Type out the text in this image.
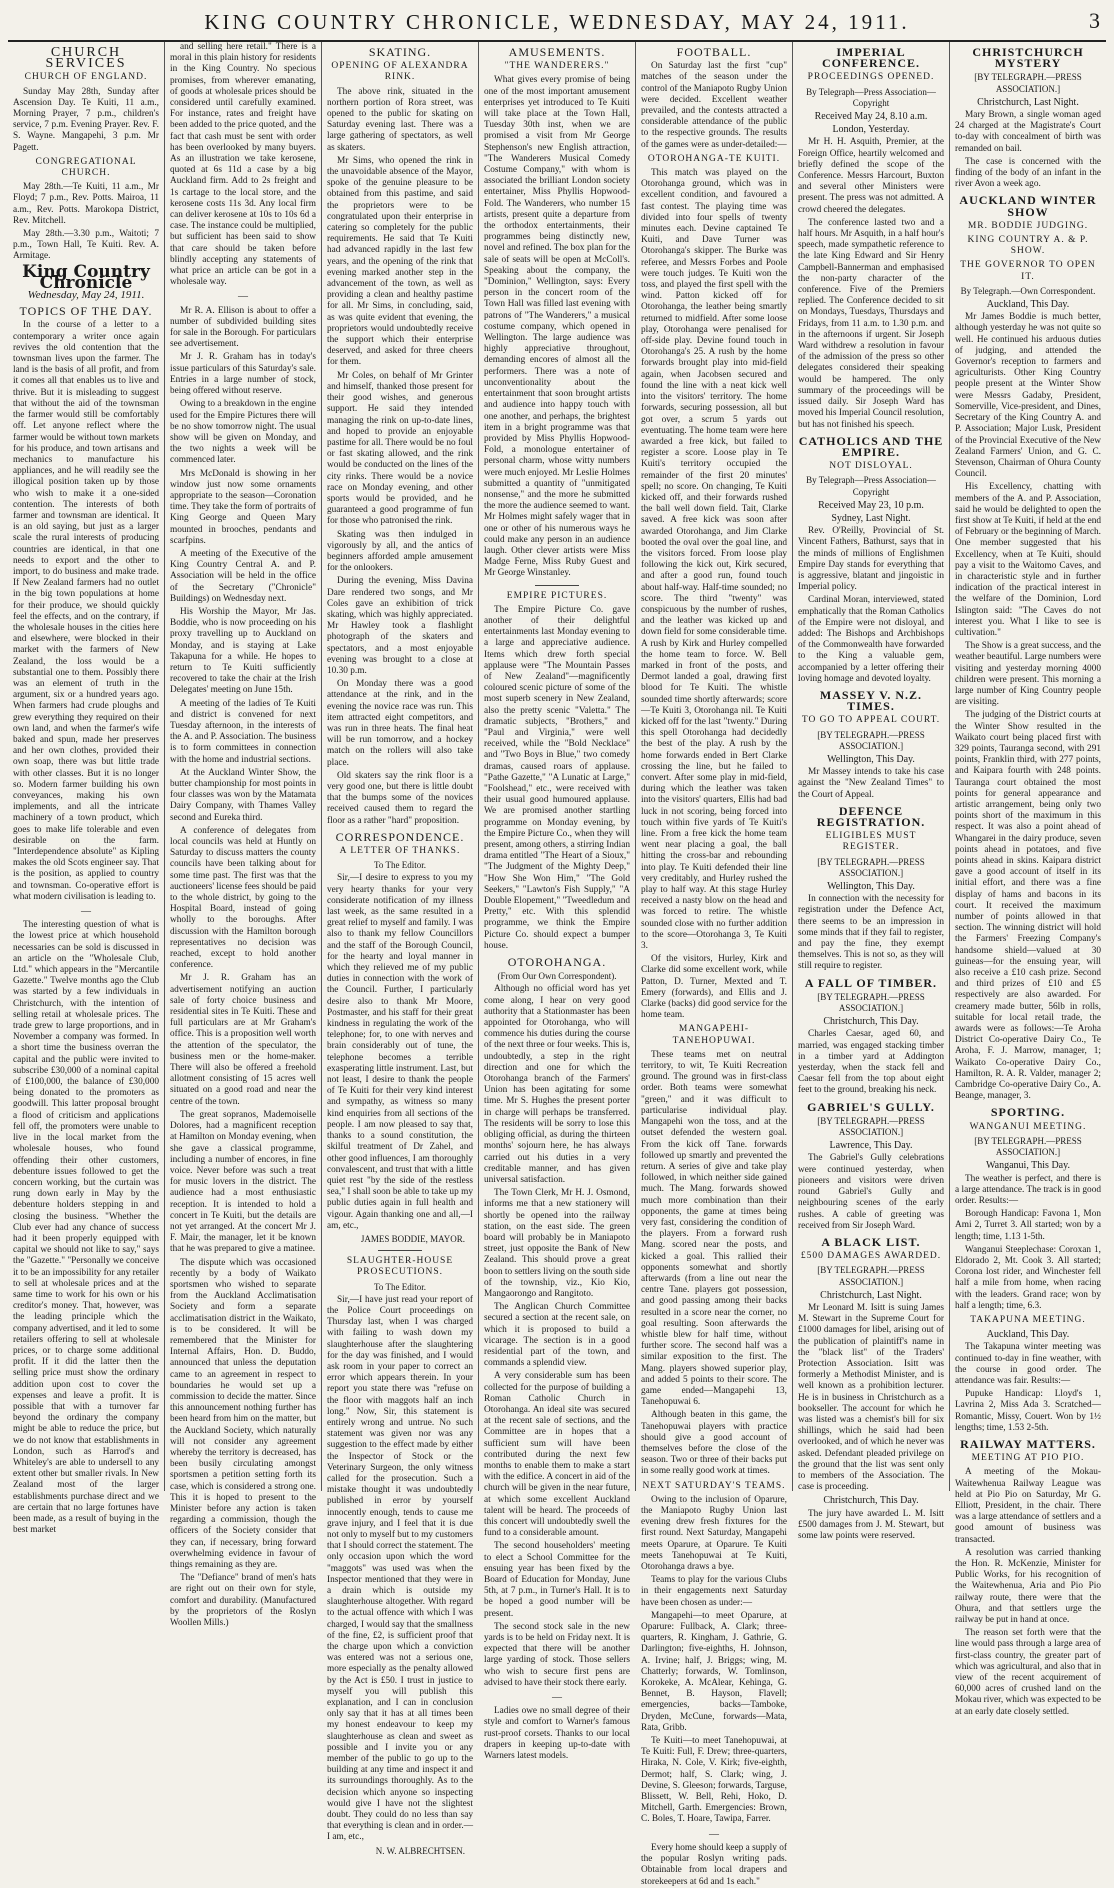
KING COUNTRY CHRONICLE, WEDNESDAY, MAY 24, 1911.	3
CHURCH SERVICES
CHURCH OF ENGLAND.

Sunday May 28th, Sunday after Ascension Day. Te Kuiti, 11 a.m., Morning Prayer, 7 p.m., children's service, 7 p.m. Evening Prayer. Rev. F. S. Wayne. Mangapehi, 3 p.m. Mr Pagett.

CONGREGATIONAL CHURCH.

May 28th.—Te Kuiti, 11 a.m., Mr Floyd; 7 p.m., Rev. Potts. Mairoa, 11 a.m., Rev. Potts. Marokopa District, Rev. Mitchell.

May 28th.—3.30 p.m., Waitoti; 7 p.m., Town Hall, Te Kuiti. Rev. A. Armitage.

King Country Chronicle
Wednesday, May 24, 1911.
TOPICS OF THE DAY.

In the course of a letter to a contemporary a writer once again revives the old contention that the townsman lives upon the farmer. The land is the basis of all profit, and from it comes all that enables us to live and thrive. But it is misleading to suggest that without the aid of the townsman the farmer would still be comfortably off. Let anyone reflect where the farmer would be without town markets for his produce, and town artisans and mechanics to manufacture his appliances, and he will readily see the illogical position taken up by those who wish to make it a one-sided contention. The interests of both farmer and townsman are identical. It is an old saying, but just as a larger scale the rural interests of producing countries are identical, in that one needs to export and the other to import, to do business and make trade. If New Zealand farmers had no outlet in the big town populations at home for their produce, we should quickly feel the effects, and on the contrary, if the wholesale houses in the cities here and elsewhere, were blocked in their market with the farmers of New Zealand, the loss would be a substantial one to them. Possibly there was an element of truth in the argument, six or a hundred years ago. When farmers had crude ploughs and grew everything they required on their own land, and when the farmer's wife baked and spun, made her preserves and her own clothes, provided their own soap, there was but little trade with other classes. But it is no longer so. Modern farmer building his own conveyances, making his own implements, and all the intricate machinery of a town product, which goes to make life tolerable and even desirable on the farm. "Interdependence absolute" as Kipling makes the old Scots engineer say. That is the position, as applied to country and townsman. Co-operative effort is what modern civilisation is leading to.

—

The interesting question of what is the lowest price at which household necessaries can be sold is discussed in an article on the "Wholesale Club, Ltd." which appears in the "Mercantile Gazette." Twelve months ago the Club was started by a few individuals in Christchurch, with the intention of selling retail at wholesale prices. The trade grew to large proportions, and in November a company was formed. In a short time the business overran the capital and the public were invited to subscribe £30,000 of a nominal capital of £100,000, the balance of £30,000 being donated to the promoters as goodwill. This latter proposal brought a flood of criticism and applications fell off, the promoters were unable to live in the local market from the wholesale houses, who found offending their other customers, debenture issues followed to get the concern working, but the curtain was rung down early in May by the debenture holders stepping in and closing the business. "Whether the Club ever had any chance of success had it been properly equipped with capital we should not like to say," says the "Gazette." "Personally we conceive it to be an impossibility for any retailer to sell at wholesale prices and at the same time to work for his own or his creditor's money. That, however, was the leading principle which the company advertised, and it led to some retailers offering to sell at wholesale prices, or to charge some additional profit. If it did the latter then the selling price must show the ordinary addition upon cost to cover the expenses and leave a profit. It is possible that with a turnover far beyond the ordinary the company might be able to reduce the price, but we do not know that establishments in London, such as Harrod's and Whiteley's are able to undersell to any extent other but smaller rivals. In New Zealand most of the larger establishments purchase direct and we are certain that no large fortunes have been made, as a result of buying in the best market

and selling here retail." There is a moral in this plain history for residents in the King Country. No specious promises, from wherever emanating, of goods at wholesale prices should be considered until carefully examined. For instance, rates and freight have been added to the price quoted, and the fact that cash must be sent with order has been overlooked by many buyers. As an illustration we take kerosene, quoted at 6s 11d a case by a big Auckland firm. Add to 2s freight and 1s cartage to the local store, and the kerosene costs 11s 3d. Any local firm can deliver kerosene at 10s to 10s 6d a case. The instance could be multiplied, but sufficient has been said to show that care should be taken before blindly accepting any statements of what price an article can be got in a wholesale way.

—

Mr R. A. Ellison is about to offer a number of subdivided building sites for sale in the Borough. For particulars see advertisement.

Mr J. R. Graham has in today's issue particulars of this Saturday's sale. Entries in a large number of stock, being offered without reserve.

Owing to a breakdown in the engine used for the Empire Pictures there will be no show tomorrow night. The usual show will be given on Monday, and the two nights a week will be commenced later.

Mrs McDonald is showing in her window just now some ornaments appropriate to the season—Coronation time. They take the form of portraits of King George and Queen Mary mounted in brooches, pendants and scarfpins.

A meeting of the Executive of the King Country Central A. and P. Association will be held in the office of the Secretary ("Chronicle" Buildings) on Wednesday next.

His Worship the Mayor, Mr Jas. Boddie, who is now proceeding on his proxy travelling up to Auckland on Monday, and is staying at Lake Takapuna for a while. He hopes to return to Te Kuiti sufficiently recovered to take the chair at the Irish Delegates' meeting on June 15th.

A meeting of the ladies of Te Kuiti and district is convened for next Tuesday afternoon, in the interests of the A. and P. Association. The business is to form committees in connection with the home and industrial sections.

At the Auckland Winter Show, the butter championship for most points in four classes was won by the Matamata Dairy Company, with Thames Valley second and Eureka third.

A conference of delegates from local councils was held at Huntly on Saturday to discuss matters the county councils have been talking about for some time past. The first was that the auctioneers' license fees should be paid to the whole district, by going to the Hospital Board, instead of going wholly to the boroughs. After discussion with the Hamilton borough representatives no decision was reached, except to hold another conference.

Mr J. R. Graham has an advertisement notifying an auction sale of forty choice business and residential sites in Te Kuiti. These and full particulars are at Mr Graham's office. This is a proposition well worth the attention of the speculator, the business men or the home-maker. There will also be offered a freehold allotment consisting of 15 acres well situated on a good road and near the centre of the town.

The great sopranos, Mademoiselle Dolores, had a magnificent reception at Hamilton on Monday evening, when she gave a classical programme, including a number of encores, in fine voice. Never before was such a treat for music lovers in the district. The audience had a most enthusiastic reception. It is intended to hold a concert in Te Kuiti, but the details are not yet arranged. At the concert Mr J. F. Mair, the manager, let it be known that he was prepared to give a matinee.

The dispute which was occasioned recently by a body of Waikato sportsmen who wished to separate from the Auckland Acclimatisation Society and form a separate acclimatisation district in the Waikato, is to be considered. It will be remembered that the Minister for Internal Affairs, Hon. D. Buddo, announced that unless the deputation came to an agreement in respect to boundaries he would set up a commission to decide the matter. Since this announcement nothing further has been heard from him on the matter, but the Auckland Society, which naturally will not consider any agreement whereby the territory is decreased, has been busily circulating amongst sportsmen a petition setting forth its case, which is considered a strong one. This it is hoped to present to the Minister before any action is taken regarding a commission, though the officers of the Society consider that they can, if necessary, bring forward overwhelming evidence in favour of things remaining as they are.

The "Defiance" brand of men's hats are right out on their own for style, comfort and durability. (Manufactured by the proprietors of the Roslyn Woollen Mills.)

SKATING.
OPENING OF ALEXANDRA RINK.

The above rink, situated in the northern portion of Rora street, was opened to the public for skating on Saturday evening last. There was a large gathering of spectators, as well as skaters.

Mr Sims, who opened the rink in the unavoidable absence of the Mayor, spoke of the genuine pleasure to be obtained from this pastime, and said the proprietors were to be congratulated upon their enterprise in catering so completely for the public requirements. He said that Te Kuiti had advanced rapidly in the last few years, and the opening of the rink that evening marked another step in the advancement of the town, as well as providing a clean and healthy pastime for all. Mr Sims, in concluding, said, as was quite evident that evening, the proprietors would undoubtedly receive the support which their enterprise deserved, and asked for three cheers for them.

Mr Coles, on behalf of Mr Grinter and himself, thanked those present for their good wishes, and generous support. He said they intended managing the rink on up-to-date lines, and hoped to provide an enjoyable pastime for all. There would be no foul or fast skating allowed, and the rink would be conducted on the lines of the city rinks. There would be a novice race on Monday evening, and other sports would be provided, and he guaranteed a good programme of fun for those who patronised the rink.

Skating was then indulged in vigorously by all, and the antics of beginners afforded ample amusement for the onlookers.

During the evening, Miss Davina Dare rendered two songs, and Mr Coles gave an exhibition of trick skating, which was highly appreciated. Mr Hawley took a flashlight photograph of the skaters and spectators, and a most enjoyable evening was brought to a close at 10.30 p.m.

On Monday there was a good attendance at the rink, and in the evening the novice race was run. This item attracted eight competitors, and was run in three heats. The final heat will be run tomorrow, and a hockey match on the rollers will also take place.

Old skaters say the rink floor is a very good one, but there is little doubt that the bumps some of the novices received caused them to regard the floor as a rather "hard" proposition.

CORRESPONDENCE.
A LETTER OF THANKS.
To The Editor.

Sir,—I desire to express to you my very hearty thanks for your very considerate notification of my illness last week, as the same resulted in a great relief to myself and family. I was also to thank my fellow Councillors and the staff of the Borough Council, for the hearty and loyal manner in which they relieved me of my public duties in connection with the work of the Council. Further, I particularly desire also to thank Mr Moore, Postmaster, and his staff for their great kindness in regulating the work of the telephone; for, to one with nerves and brain considerably out of tune, the telephone becomes a terrible exasperating little instrument. Last, but not least, I desire to thank the people of Te Kuiti for their very kind interest and sympathy, as witness so many kind enquiries from all sections of the people. I am now pleased to say that, thanks to a sound constitution, the skilful treatment of Dr Zahel, and other good influences, I am thoroughly convalescent, and trust that with a little quiet rest "by the side of the restless sea," I shall soon be able to take up my public duties again in full health and vigour. Again thanking one and all,—I am, etc.,

JAMES BODDIE, MAYOR.
SLAUGHTER-HOUSE PROSECUTIONS.
To The Editor.

Sir,—I have just read your report of the Police Court proceedings on Thursday last, when I was charged with failing to wash down my slaughterhouse after the slaughtering for the day was finished, and I would ask room in your paper to correct an error which appears therein. In your report you state there was "refuse on the floor with maggots half an inch long." Now, Sir, this statement is entirely wrong and untrue. No such statement was given nor was any suggestion to the effect made by either the Inspector of Stock or the Veterinary Surgeon, the only witness called for the prosecution. Such a mistake thought it was undoubtedly published in error by yourself innocently enough, tends to cause me grave injury, and I feel that it is due not only to myself but to my customers that I should correct the statement. The only occasion upon which the word "maggots" was used was when the Inspector mentioned that they were in a drain which is outside my slaughterhouse altogether. With regard to the actual offence with which I was charged, I would say that the smallness of the fine, £2, is sufficient proof that the charge upon which a conviction was entered was not a serious one, more especially as the penalty allowed by the Act is £50. I trust in justice to myself you will publish this explanation, and I can in conclusion only say that it has at all times been my honest endeavour to keep my slaughterhouse as clean and sweet as possible and I invite you or any member of the public to go up to the building at any time and inspect it and its surroundings thoroughly. As to the decision which anyone so inspecting would give I have not the slightest doubt. They could do no less than say that everything is clean and in order.—I am, etc.,

N. W. ALBRECHTSEN.
AMUSEMENTS.
"THE WANDERERS."

What gives every promise of being one of the most important amusement enterprises yet introduced to Te Kuiti will take place at the Town Hall, Tuesday 30th inst, when we are promised a visit from Mr George Stephenson's new English attraction, "The Wanderers Musical Comedy Costume Company," with whom is associated the brilliant London society entertainer, Miss Phyllis Hopwood-Fold. The Wanderers, who number 15 artists, present quite a departure from the orthodox entertainments, their programmes being distinctly new, novel and refined. The box plan for the sale of seats will be open at McColl's. Speaking about the company, the "Dominion," Wellington, says: Every person in the concert room of the Town Hall was filled last evening with patrons of "The Wanderers," a musical costume company, which opened in Wellington. The large audience was highly appreciative throughout, demanding encores of almost all the performers. There was a note of unconventionality about the entertainment that soon brought artists and audience into happy touch with one another, and perhaps, the brightest item in a bright programme was that provided by Miss Phyllis Hopwood-Fold, a monologue entertainer of personal charm, whose witty numbers were much enjoyed. Mr Leslie Holmes submitted a quantity of "unmitigated nonsense," and the more he submitted the more the audience seemed to want. Mr Holmes might safely wager that in one or other of his numerous ways he could make any person in an audience laugh. Other clever artists were Miss Madge Ferne, Miss Ruby Guest and Mr George Winstanley.

EMPIRE PICTURES.

The Empire Picture Co. gave another of their delightful entertainments last Monday evening to a large and appreciative audience. Items which drew forth special applause were "The Mountain Passes of New Zealand"—magnificently coloured scenic picture of some of the most superb scenery in New Zealand, also the pretty scenic "Valetta." The dramatic subjects, "Brothers," and "Paul and Virginia," were well received, while the "Bold Necklace" and "Two Boys in Blue," two comedy dramas, caused roars of applause. "Pathe Gazette," "A Lunatic at Large," "Foolshead," etc., were received with their usual good humoured applause. We are promised another startling programme on Monday evening, by the Empire Picture Co., when they will present, among others, a stirring Indian drama entitled "The Heart of a Sioux," "The Judgment of the Mighty Deep," "How She Won Him," "The Gold Seekers," "Lawton's Fish Supply," "A Double Elopement," "Tweedledum and Pretty," etc. With this splendid programme, we think the Empire Picture Co. should expect a bumper house.

OTOROHANGA.
(From Our Own Correspondent).

Although no official word has yet come along, I hear on very good authority that a Stationmaster has been appointed for Otorohanga, who will commence his duties during the course of the next three or four weeks. This is, undoubtedly, a step in the right direction and one for which the Otorohanga branch of the Farmers' Union has been agitating for some time. Mr S. Hughes the present porter in charge will perhaps be transferred. The residents will be sorry to lose this obliging official, as during the thirteen months' sojourn here, he has always carried out his duties in a very creditable manner, and has given universal satisfaction.

The Town Clerk, Mr H. J. Osmond, informs me that a new stationery will shortly be opened into the railway station, on the east side. The green board will probably be in Maniapoto street, just opposite the Bank of New Zealand. This should prove a great boon to settlers living on the south side of the township, viz., Kio Kio, Mangaorongo and Rangitoto.

The Anglican Church Committee secured a section at the recent sale, on which it is proposed to build a vicarage. The section is in a good residential part of the town, and commands a splendid view.

A very considerable sum has been collected for the purpose of building a Roman Catholic Church in Otorohanga. An ideal site was secured at the recent sale of sections, and the Committee are in hopes that a sufficient sum will have been contributed during the next few months to enable them to make a start with the edifice. A concert in aid of the church will be given in the near future, at which some excellent Auckland talent will be heard. The proceeds of this concert will undoubtedly swell the fund to a considerable amount.

The second householders' meeting to elect a School Committee for the ensuing year has been fixed by the Board of Education for Monday, June 5th, at 7 p.m., in Turner's Hall. It is to be hoped a good number will be present.

The second stock sale in the new yards is to be held on Friday next. It is expected that there will be another large yarding of stock. Those sellers who wish to secure first pens are advised to have their stock there early.

—

Ladies owe no small degree of their style and comfort to Warner's famous rust-proof corsets. Thanks to our local drapers in keeping up-to-date with Warners latest models.

FOOTBALL.

On Saturday last the first "cup" matches of the season under the control of the Maniapoto Rugby Union were decided. Excellent weather prevailed, and the contests attracted a considerable attendance of the public to the respective grounds. The results of the games were as under-detailed:—

OTOROHANGA-TE KUITI.

This match was played on the Otorohanga ground, which was in excellent condition, and favoured a fast contest. The playing time was divided into four spells of twenty minutes each. Devine captained Te Kuiti, and Dave Turner was Otorohanga's skipper. The Burke was referee, and Messrs Forbes and Poole were touch judges. Te Kuiti won the toss, and played the first spell with the wind. Patton kicked off for Otorohanga, the leather being smartly returned to midfield. After some loose play, Otorohanga were penalised for off-side play. Devine found touch in Otorohanga's 25. A rush by the home forwards brought play into mid-field again, when Jacobsen secured and found the line with a neat kick well into the visitors' territory. The home forwards, securing possession, all but got over, a scrum 5 yards out eventuating. The home team were here awarded a free kick, but failed to register a score. Loose play in Te Kuiti's territory occupied the remainder of the first 20 minutes' spell; no score. On changing, Te Kuiti kicked off, and their forwards rushed the ball well down field. Tait, Clarke saved. A free kick was soon after awarded Otorohanga, and Jim Clarke booted the oval over the goal line, and the visitors forced. From loose play following the kick out, Kirk secured, and after a good run, found touch about half-way. Half-time sounded; no score. The third "twenty" was conspicuous by the number of rushes, and the leather was kicked up and down field for some considerable time. A rush by Kirk and Hurley compelled the home team to force. W. Bell marked in front of the posts, and Dermot landed a goal, drawing first blood for Te Kuiti. The whistle sounded time shortly afterwards; score—Te Kuiti 3, Otorohanga nil. Te Kuiti kicked off for the last "twenty." During this spell Otorohanga had decidedly the best of the play. A rush by the home forwards ended in Bert Clarke crossing the line, but he failed to convert. After some play in mid-field, during which the leather was taken into the visitors' quarters, Ellis had bad luck in not scoring, being forced into touch within five yards of Te Kuiti's line. From a free kick the home team went near placing a goal, the ball hitting the cross-bar and rebounding into play. Te Kuiti defended their line very creditably, and Hurley rushed the play to half way. At this stage Hurley received a nasty blow on the head and was forced to retire. The whistle sounded close with no further addition to the score—Otorohanga 3, Te Kuiti 3.

Of the visitors, Hurley, Kirk and Clarke did some excellent work, while Patton, D. Turner, Mexted and T. Emery (forwards), and Ellis and J. Clarke (backs) did good service for the home team.

MANGAPEHI-TANEHOPUWAI.

These teams met on neutral territory, to wit, Te Kuiti Recreation ground. The ground was in first-class order. Both teams were somewhat "green," and it was difficult to particularise individual play. Mangapehi won the toss, and at the outset defended the western goal. From the kick off Tane. forwards followed up smartly and prevented the return. A series of give and take play followed, in which neither side gained much. The Mang. forwards showed much more combination than their opponents, the game at times being very fast, considering the condition of the players. From a forward rush Mang. scored near the posts, and kicked a goal. This rallied their opponents somewhat and shortly afterwards (from a line out near the centre Tane. players got possession, and good passing among their backs resulted in a score near the corner, no goal resulting. Soon afterwards the whistle blew for half time, without further score. The second half was a similar exposition to the first. The Mang. players showed superior play, and added 5 points to their score. The game ended—Mangapehi 13, Tanehopuwai 6.

Although beaten in this game, the Tanehopuwai players with practice should give a good account of themselves before the close of the season. Two or three of their backs put in some really good work at times.

NEXT SATURDAY'S TEAMS.

Owing to the inclusion of Oparure, the Maniapoto Rugby Union last evening drew fresh fixtures for the first round. Next Saturday, Mangapehi meets Oparure, at Oparure. Te Kuiti meets Tanehopuwai at Te Kuiti, Otorohanga draws a bye.

Teams to play for the various Clubs in their engagements next Saturday have been chosen as under:—

Mangapehi—to meet Oparure, at Oparure: Fullback, A. Clark; three-quarters, R. Kingham, J. Gathrie, G. Darlington; five-eighths, H. Johnson, A. Irvine; half, J. Briggs; wing, M. Chatterly; forwards, W. Tomlinson, Korokeke, A. McAlear, Kehinga, G. Bennet, B. Hayson, Flavell; emergencies, backs—Tamboke, Dryden, McCune, forwards—Mata, Rata, Gribb.

Te Kuiti—to meet Tanehopuwai, at Te Kuiti: Full, F. Drew; three-quarters, Hiraka, N. Cole, V. Kirk; five-eighth, Dermot; half, S. Clark; wing, J. Devine, S. Gleeson; forwards, Targuse, Blissett, W. Bell, Rehi, Hoko, D. Mitchell, Garth. Emergencies: Brown, C. Boles, T. Hoare, Tawipa, Farrer.

—

Every home should keep a supply of the popular Roslyn writing pads. Obtainable from local drapers and storekeepers at 6d and 1s each."

IMPERIAL CONFERENCE.
PROCEEDINGS OPENED.
By Telegraph—Press Association—Copyright
Received May 24, 8.10 a.m.
London, Yesterday.

Mr H. H. Asquith, Premier, at the Foreign Office, heartily welcomed and briefly defined the scope of the Conference. Messrs Harcourt, Buxton and several other Ministers were present. The press was not admitted. A crowd cheered the delegates.

The conference lasted two and a half hours. Mr Asquith, in a half hour's speech, made sympathetic reference to the late King Edward and Sir Henry Campbell-Bannerman and emphasised the non-party character of the conference. Five of the Premiers replied. The Conference decided to sit on Mondays, Tuesdays, Thursdays and Fridays, from 11 a.m. to 1.30 p.m. and in the afternoons if urgent. Sir Joseph Ward withdrew a resolution in favour of the admission of the press so other delegates considered their speaking would be hampered. The only summary of the proceedings will be issued daily. Sir Joseph Ward has moved his Imperial Council resolution, but has not finished his speech.

CATHOLICS AND THE EMPIRE.
NOT DISLOYAL.
By Telegraph—Press Association—Copyright
Received May 23, 10 p.m.
Sydney, Last Night.

Rev. O'Reilly, Provincial of St. Vincent Fathers, Bathurst, says that in the minds of millions of Englishmen Empire Day stands for everything that is aggressive, blatant and jingoistic in Imperial policy.

Cardinal Moran, interviewed, stated emphatically that the Roman Catholics of the Empire were not disloyal, and added: The Bishops and Archbishops of the Commonwealth have forwarded to the King a valuable gem, accompanied by a letter offering their loving homage and devoted loyalty.

MASSEY V. N.Z. TIMES.
TO GO TO APPEAL COURT.
[BY TELEGRAPH.—PRESS ASSOCIATION.]
Wellington, This Day.

Mr Massey intends to take his case against the "New Zealand Times" to the Court of Appeal.

DEFENCE REGISTRATION.
ELIGIBLES MUST REGISTER.
[BY TELEGRAPH.—PRESS ASSOCIATION.]
Wellington, This Day.

In connection with the necessity for registration under the Defence Act, there seems to be an impression in some minds that if they fail to register, and pay the fine, they exempt themselves. This is not so, as they will still require to register.

A FALL OF TIMBER.
[BY TELEGRAPH.—PRESS ASSOCIATION.]
Christchurch, This Day.

Charles Caesar, aged 60, and married, was engaged stacking timber in a timber yard at Addington yesterday, when the stack fell and Caesar fell from the top about eight feet to the ground, breaking his neck.

GABRIEL'S GULLY.
[BY TELEGRAPH.—PRESS ASSOCIATION.]
Lawrence, This Day.

The Gabriel's Gully celebrations were continued yesterday, when pioneers and visitors were driven round Gabriel's Gully and neighbouring scenes of the early rushes. A cable of greeting was received from Sir Joseph Ward.

A BLACK LIST.
£500 DAMAGES AWARDED.
[BY TELEGRAPH.—PRESS ASSOCIATION.]
Christchurch, Last Night.

Mr Leonard M. Isitt is suing James M. Stewart in the Supreme Court for £1000 damages for libel, arising out of the publication of plaintiff's name in the "black list" of the Traders' Protection Association. Isitt was formerly a Methodist Minister, and is well known as a prohibition lecturer. He is in business in Christchurch as a bookseller. The account for which he was listed was a chemist's bill for six shillings, which he said had been overlooked, and of which he never was asked. Defendant pleaded privilege on the ground that the list was sent only to members of the Association. The case is proceeding.

Christchurch, This Day.

The jury have awarded L. M. Isitt £500 damages from J. M. Stewart, but some law points were reserved.

CHRISTCHURCH MYSTERY
[BY TELEGRAPH.—PRESS ASSOCIATION.]
Christchurch, Last Night.

Mary Brown, a single woman aged 24 charged at the Magistrate's Court to-day with concealment of birth was remanded on bail.

The case is concerned with the finding of the body of an infant in the river Avon a week ago.

AUCKLAND WINTER SHOW
MR. BODDIE JUDGING.
KING COUNTRY A. & P. SHOW.
THE GOVERNOR TO OPEN IT.
By Telegraph.—Own Correspondent.
Auckland, This Day.

Mr James Boddie is much better, although yesterday he was not quite so well. He continued his arduous duties of judging, and attended the Governor's reception to farmers and agriculturists. Other King Country people present at the Winter Show were Messrs Gadaby, President, Somerville, Vice-president, and Dines, Secretary of the King Country A. and P. Association; Major Lusk, President of the Provincial Executive of the New Zealand Farmers' Union, and G. C. Stevenson, Chairman of Ohura County Council.

His Excellency, chatting with members of the A. and P. Association, said he would be delighted to open the first show at Te Kuiti, if held at the end of February or the beginning of March. One member suggested that his Excellency, when at Te Kuiti, should pay a visit to the Waitomo Caves, and in characteristic style and in further indication of the practical interest in the welfare of the Dominion, Lord Islington said: "The Caves do not interest you. What I like to see is cultivation."

The Show is a great success, and the weather beautiful. Large numbers were visiting and yesterday morning 4000 children were present. This morning a large number of King Country people are visiting.

The judging of the District courts at the Winter Show resulted in the Waikato court being placed first with 329 points, Tauranga second, with 291 points, Franklin third, with 277 points, and Kaipara fourth with 248 points. Tauranga court obtained the most points for general appearance and artistic arrangement, being only two points short of the maximum in this respect. It was also a point ahead of Whangarei in the dairy produce, seven points ahead in potatoes, and five points ahead in skins. Kaipara district gave a good account of itself in its initial effort, and there was a fine display of hams and bacons in its court. It received the maximum number of points allowed in that section. The winning district will hold the Farmers' Freezing Company's handsome shield—valued at 30 guineas—for the ensuing year, will also receive a £10 cash prize. Second and third prizes of £10 and £5 respectively are also awarded. For creamery made butter, 56lb in rolls, suitable for local retail trade, the awards were as follows:—Te Aroha District Co-operative Dairy Co., Te Aroha, F. J. Marrow, manager, 1; Waikato Co-operative Dairy Co., Hamilton, R. A. R. Valder, manager 2; Cambridge Co-operative Dairy Co., A. Beange, manager, 3.

SPORTING.
WANGANUI MEETING.
[BY TELEGRAPH.—PRESS ASSOCIATION.]
Wanganui, This Day.

The weather is perfect, and there is a large attendance. The track is in good order. Results:—

Borough Handicap: Favona 1, Mon Ami 2, Turret 3. All started; won by a length; time, 1.13 1-5th.

Wanganui Steeplechase: Coroxan 1, Eldorado 2, Mt. Cook 3. All started; Corona lost rider, and Winchester fell half a mile from home, when racing with the leaders. Grand race; won by half a length; time, 6.3.

TAKAPUNA MEETING.
Auckland, This Day.

The Takapuna winter meeting was continued to-day in fine weather, with the course in good order. The attendance was fair. Results:—

Pupuke Handicap: Lloyd's 1, Lavrina 2, Miss Ada 3. Scratched—Romantic, Missy, Couert. Won by 1½ lengths; time, 1.53 2-5th.

RAILWAY MATTERS.
MEETING AT PIO PIO.

A meeting of the Mokau-Waitewhenua Railway League was held at Pio Pio on Saturday, Mr G. Elliott, President, in the chair. There was a large attendance of settlers and a good amount of business was transacted.

A resolution was carried thanking the Hon. R. McKenzie, Minister for Public Works, for his recognition of the Waitewhenua, Aria and Pio Pio railway route, there were that the Ohura, and that settlers urge the railway be put in hand at once.

The reason set forth were that the line would pass through a large area of first-class country, the greater part of which was agricultural, and also that in view of the recent acquirement of 60,000 acres of crushed land on the Mokau river, which was expected to be at an early date closely settled.
